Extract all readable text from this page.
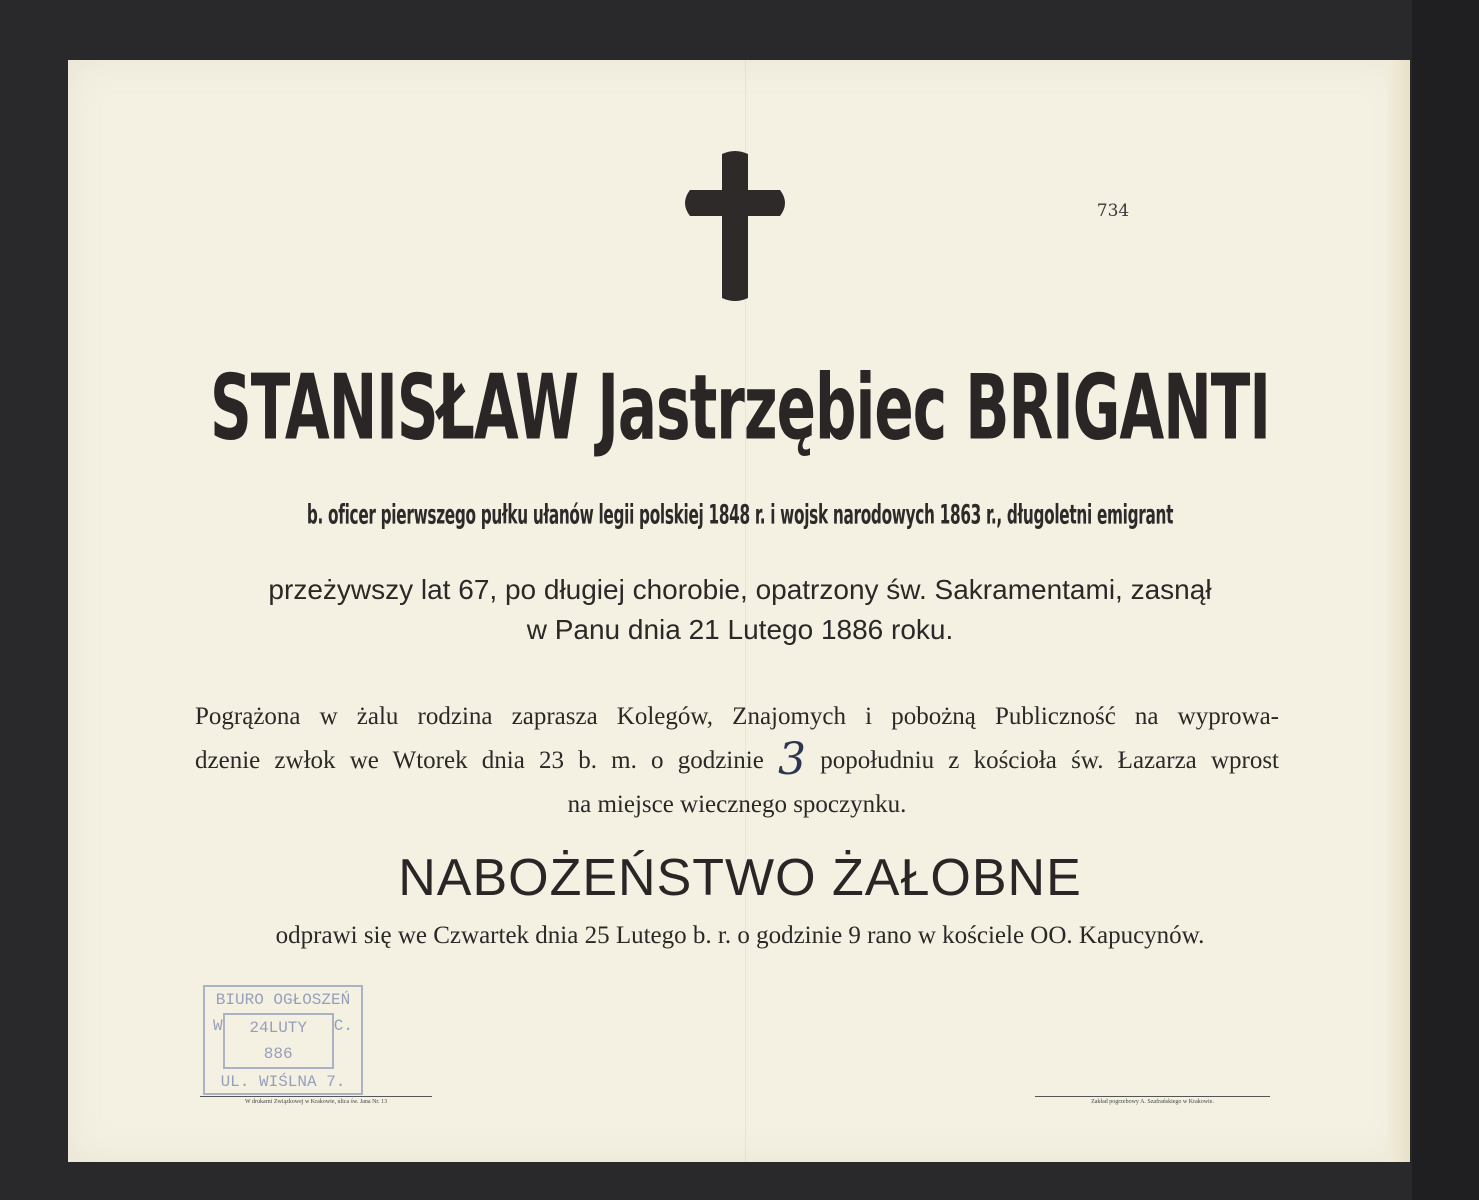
734
STANISŁAW Jastrzębiec BRIGANTI
b. oficer pierwszego pułku ułanów legii polskiej 1848 r. i wojsk narodowych 1863 r., długoletni emigrant
przeżywszy lat 67, po długiej chorobie, opatrzony św. Sakramentami, zasnął
w Panu dnia 21 Lutego 1886 roku.
Pogrążona w żalu rodzina zaprasza Kolegów, Znajomych i pobożną Publiczność na wyprowa-
dzenie zwłok we Wtorek dnia 23 b. m. o godzinie 3 popołudniu z kościoła św. Łazarza wprost
na miejsce wiecznego spoczynku.
NABOŻEŃSTWO ŻAŁOBNE
odprawi się we Czwartek dnia 25 Lutego b. r. o godzinie 9 rano w kościele OO. Kapucynów.
BIURO OGŁOSZEŃ
W	24LUTY 886
C.
UL. WIŚLNA 7.
W drukarni Związkowej w Krakowie, ulica św. Jana Nr. 13	Zakład pogrzebowy A. Szafrańskiego w Krakowie.
